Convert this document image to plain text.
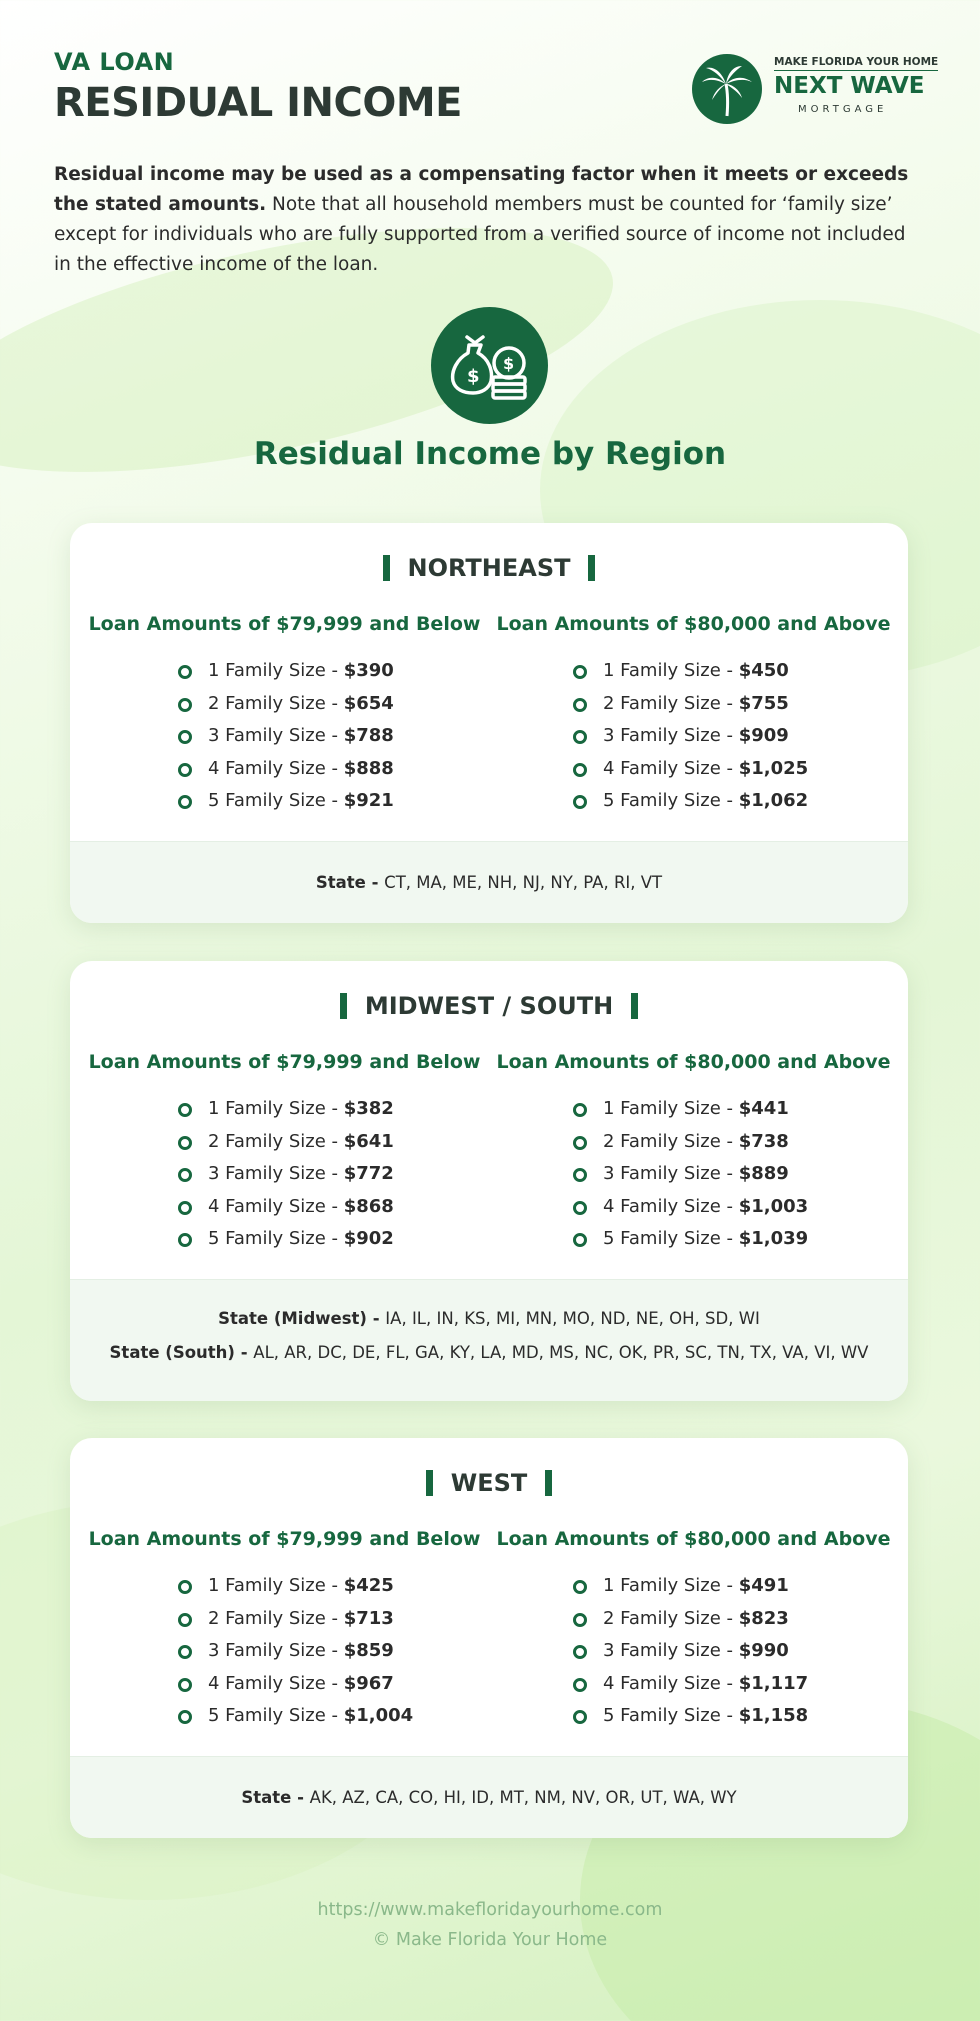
VA LOAN
RESIDUAL INCOME
MAKE FLORIDA YOUR HOME
NEXT WAVE
MORTGAGE

Residual income may be used as a compensating factor when it meets or exceeds the stated amounts. Note that all household members must be counted for ‘family size’ except for individuals who are fully supported from a verified source of income not included in the effective income of the loan.

$
$
Residual Income by Region
NORTHEAST
Loan Amounts of $79,999 and Below
1 Family Size - $390
2 Family Size - $654
3 Family Size - $788
4 Family Size - $888
5 Family Size - $921
Loan Amounts of $80,000 and Above
1 Family Size - $450
2 Family Size - $755
3 Family Size - $909
4 Family Size - $1,025
5 Family Size - $1,062
State - CT, MA, ME, NH, NJ, NY, PA, RI, VT
MIDWEST / SOUTH
Loan Amounts of $79,999 and Below
1 Family Size - $382
2 Family Size - $641
3 Family Size - $772
4 Family Size - $868
5 Family Size - $902
Loan Amounts of $80,000 and Above
1 Family Size - $441
2 Family Size - $738
3 Family Size - $889
4 Family Size - $1,003
5 Family Size - $1,039
State (Midwest) - IA, IL, IN, KS, MI, MN, MO, ND, NE, OH, SD, WI
State (South) - AL, AR, DC, DE, FL, GA, KY, LA, MD, MS, NC, OK, PR, SC, TN, TX, VA, VI, WV
WEST
Loan Amounts of $79,999 and Below
1 Family Size - $425
2 Family Size - $713
3 Family Size - $859
4 Family Size - $967
5 Family Size - $1,004
Loan Amounts of $80,000 and Above
1 Family Size - $491
2 Family Size - $823
3 Family Size - $990
4 Family Size - $1,117
5 Family Size - $1,158
State - AK, AZ, CA, CO, HI, ID, MT, NM, NV, OR, UT, WA, WY
https://www.makefloridayourhome.com
© Make Florida Your Home
